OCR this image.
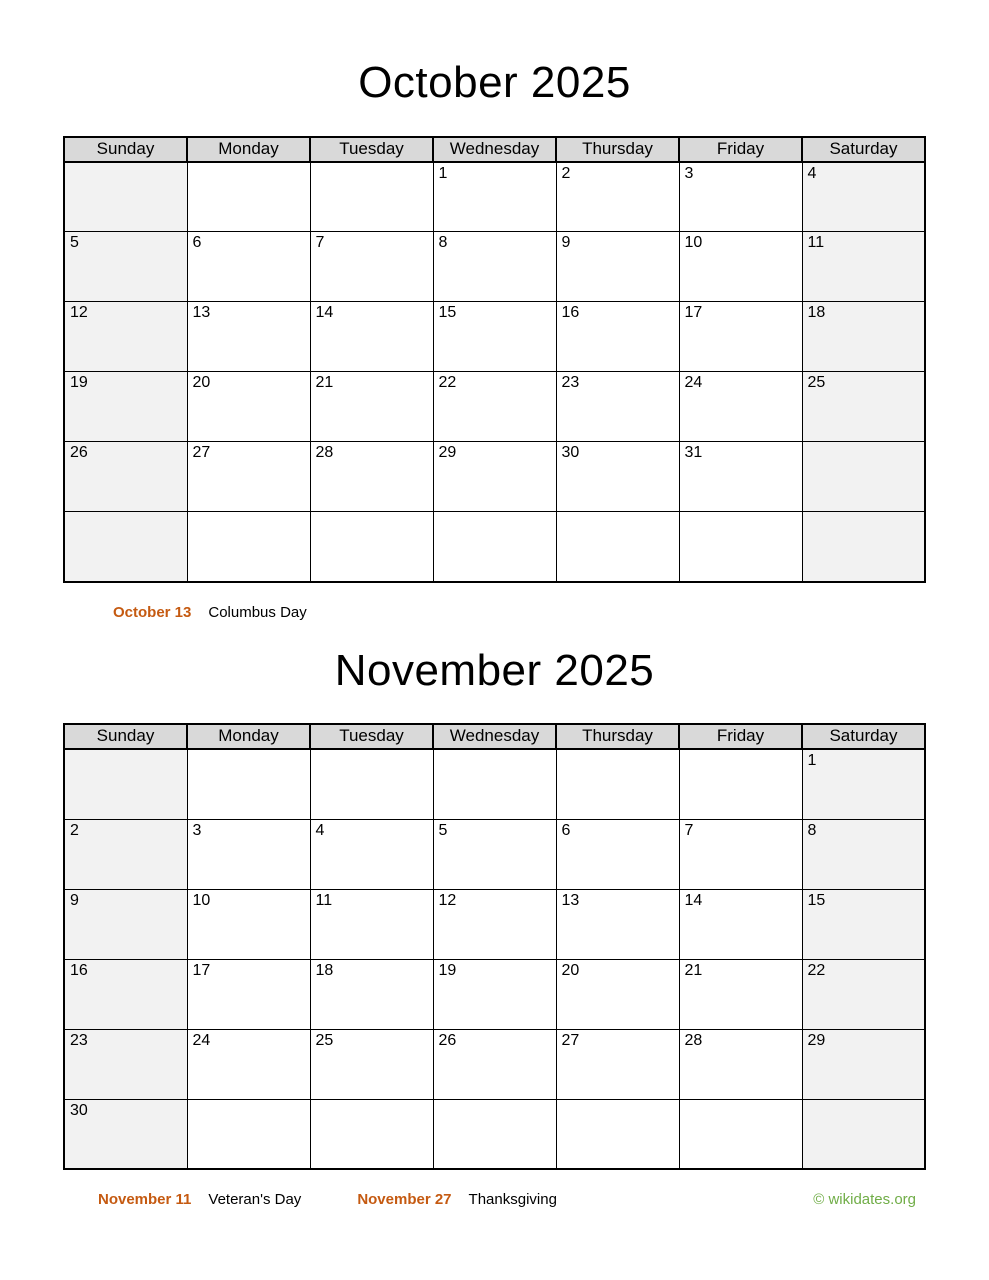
October 2025
Sunday	Monday	Tuesday	Wednesday	Thursday	Friday	Saturday
			1	2	3	4
5	6	7	8	9	10	11
12	13	14	15	16	17	18
19	20	21	22	23	24	25
26	27	28	29	30	31	

October 13 Columbus Day
November 2025
Sunday	Monday	Tuesday	Wednesday	Thursday	Friday	Saturday
						1
2	3	4	5	6	7	8
9	10	11	12	13	14	15
16	17	18	19	20	21	22
23	24	25	26	27	28	29
30						
November 11 Veteran's Day	November 27 Thanksgiving	© wikidates.org
